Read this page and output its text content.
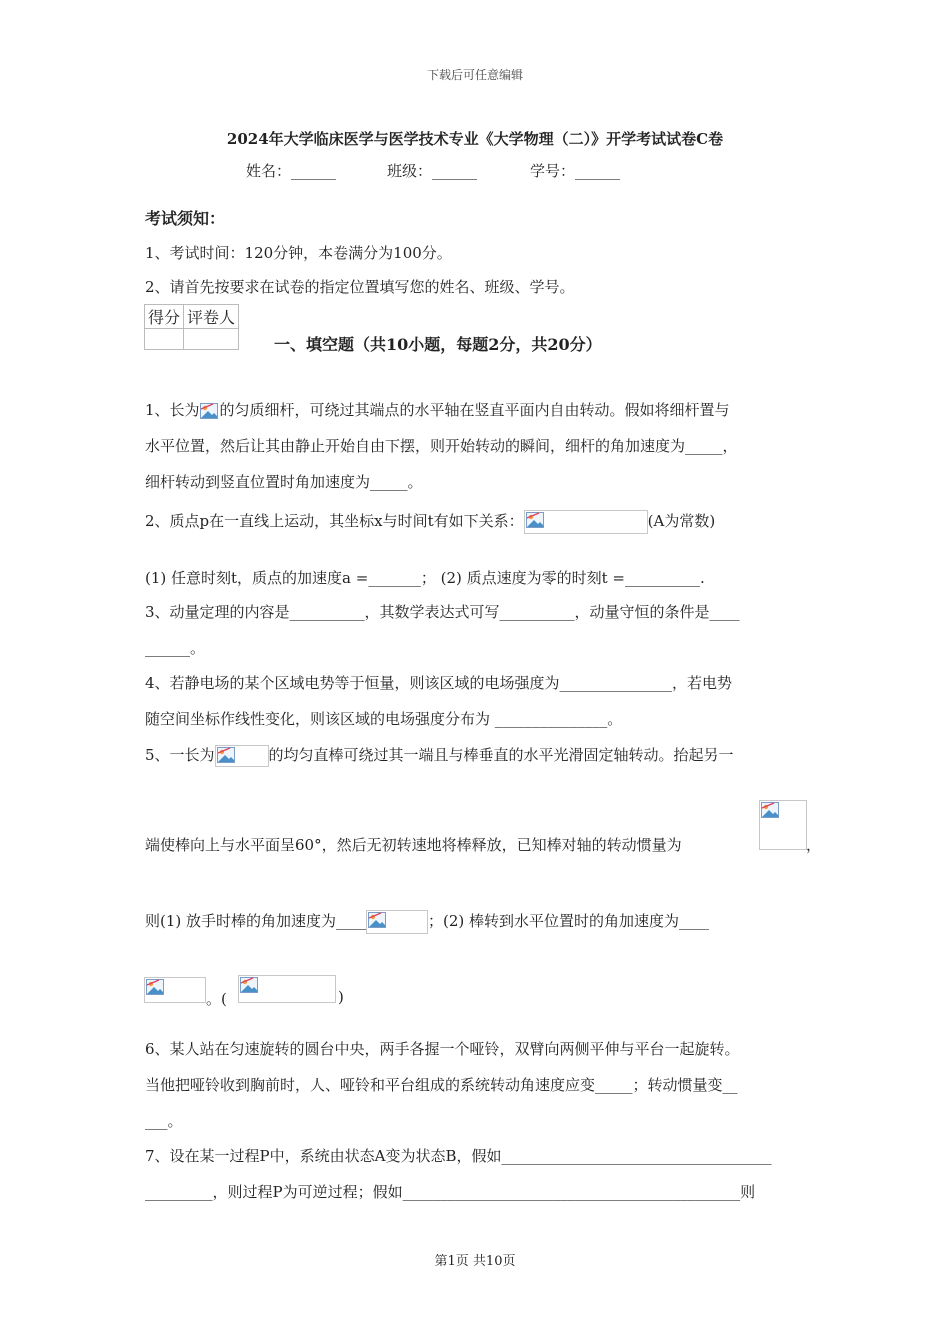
下载后可任意编辑
2024年大学临床医学与医学技术专业《大学物理（二）》开学考试试卷C卷
姓名：______	班级：______	学号：______
考试须知：
1、考试时间：120分钟，本卷满分为100分。
2、请首先按要求在试卷的指定位置填写您的姓名、班级、学号。
得分	评卷人

一、填空题（共10小题，每题2分，共20分）
1、长为 的匀质细杆，可绕过其端点的水平轴在竖直平面内自由转动。假如将细杆置与
水平位置，然后让其由静止开始自由下摆，则开始转动的瞬间，细杆的角加速度为_____，
细杆转动到竖直位置时角加速度为_____。
2、质点p在一直线上运动，其坐标x与时间t有如下关系：	(A为常数)
(1) 任意时刻t，质点的加速度a =_______； (2) 质点速度为零的时刻t =__________.
3、动量定理的内容是__________，其数学表达式可写__________，动量守恒的条件是____
______。
4、若静电场的某个区域电势等于恒量，则该区域的电场强度为_______________，若电势
随空间坐标作线性变化，则该区域的电场强度分布为 _______________。
5、一长为	的均匀直棒可绕过其一端且与棒垂直的水平光滑固定轴转动。抬起另一
端使棒向上与水平面呈60°，然后无初转速地将棒释放，已知棒对轴的转动惯量为	，
则(1) 放手时棒的角加速度为____	；(2) 棒转到水平位置时的角加速度为____
。(	)
6、某人站在匀速旋转的圆台中央，两手各握一个哑铃，双臂向两侧平伸与平台一起旋转。
当他把哑铃收到胸前时，人、哑铃和平台组成的系统转动角速度应变_____；转动惯量变__
___。
7、设在某一过程P中，系统由状态A变为状态B，假如____________________________________
_________，则过程P为可逆过程；假如_____________________________________________则
第1页 共10页
